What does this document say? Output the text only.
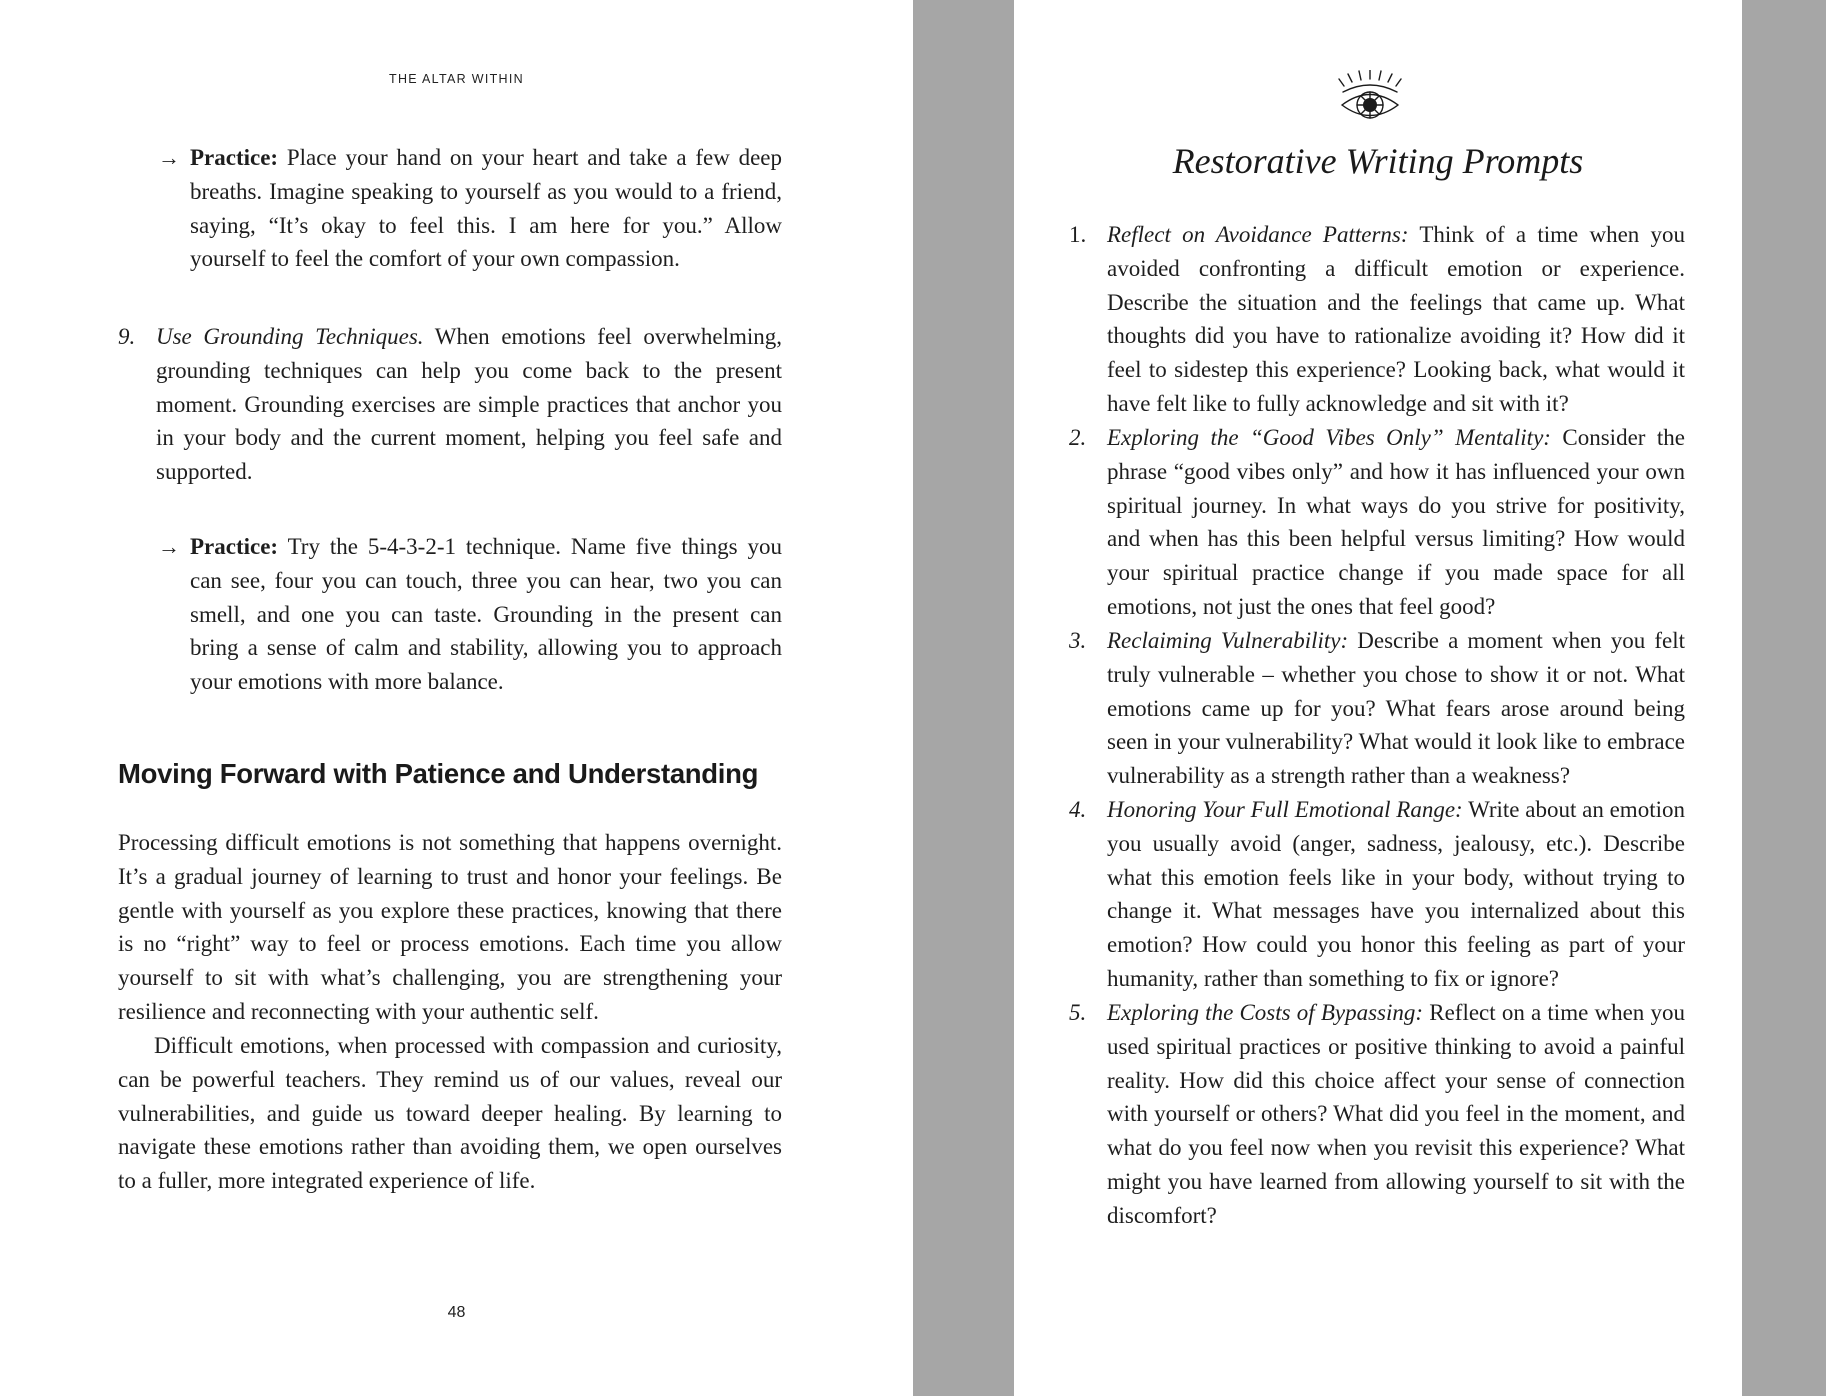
THE ALTAR WITHIN

→ Practice: Place your hand on your heart and take a few deep breaths. Imagine speaking to yourself as you would to a friend, saying, “It’s okay to feel this. I am here for you.” Allow yourself to feel the comfort of your own compassion.

9. Use Grounding Techniques. When emotions feel overwhelming, grounding techniques can help you come back to the present moment. Grounding exercises are simple practices that anchor you in your body and the current moment, helping you feel safe and supported.

→ Practice: Try the 5-4-3-2-1 technique. Name five things you can see, four you can touch, three you can hear, two you can smell, and one you can taste. Grounding in the present can bring a sense of calm and stability, allowing you to approach your emotions with more balance.

Moving Forward with Patience and Understanding

Processing difficult emotions is not something that happens overnight. It’s a gradual journey of learning to trust and honor your feelings. Be gentle with yourself as you explore these practices, knowing that there is no “right” way to feel or process emotions. Each time you allow yourself to sit with what’s challenging, you are strengthening your resilience and reconnecting with your authentic self.

Difficult emotions, when processed with compassion and curiosity, can be powerful teachers. They remind us of our values, reveal our vulnerabilities, and guide us toward deeper healing. By learning to navigate these emotions rather than avoiding them, we open ourselves to a fuller, more integrated experience of life.

48
Restorative Writing Prompts

1. Reflect on Avoidance Patterns: Think of a time when you avoided confronting a difficult emotion or experience. Describe the situation and the feelings that came up. What thoughts did you have to rationalize avoiding it? How did it feel to sidestep this experience? Looking back, what would it have felt like to fully acknowledge and sit with it?

2. Exploring the “Good Vibes Only” Mentality: Consider the phrase “good vibes only” and how it has influenced your own spiritual journey. In what ways do you strive for positivity, and when has this been helpful versus limiting? How would your spiritual practice change if you made space for all emotions, not just the ones that feel good?

3. Reclaiming Vulnerability: Describe a moment when you felt truly vulnerable – whether you chose to show it or not. What emotions came up for you? What fears arose around being seen in your vulnerability? What would it look like to embrace vulnerability as a strength rather than a weakness?

4. Honoring Your Full Emotional Range: Write about an emotion you usually avoid (anger, sadness, jealousy, etc.). Describe what this emotion feels like in your body, without trying to change it. What messages have you internalized about this emotion? How could you honor this feeling as part of your humanity, rather than something to fix or ignore?

5. Exploring the Costs of Bypassing: Reflect on a time when you used spiritual practices or positive thinking to avoid a painful reality. How did this choice affect your sense of connection with yourself or others? What did you feel in the moment, and what do you feel now when you revisit this experience? What might you have learned from allowing yourself to sit with the discomfort?
